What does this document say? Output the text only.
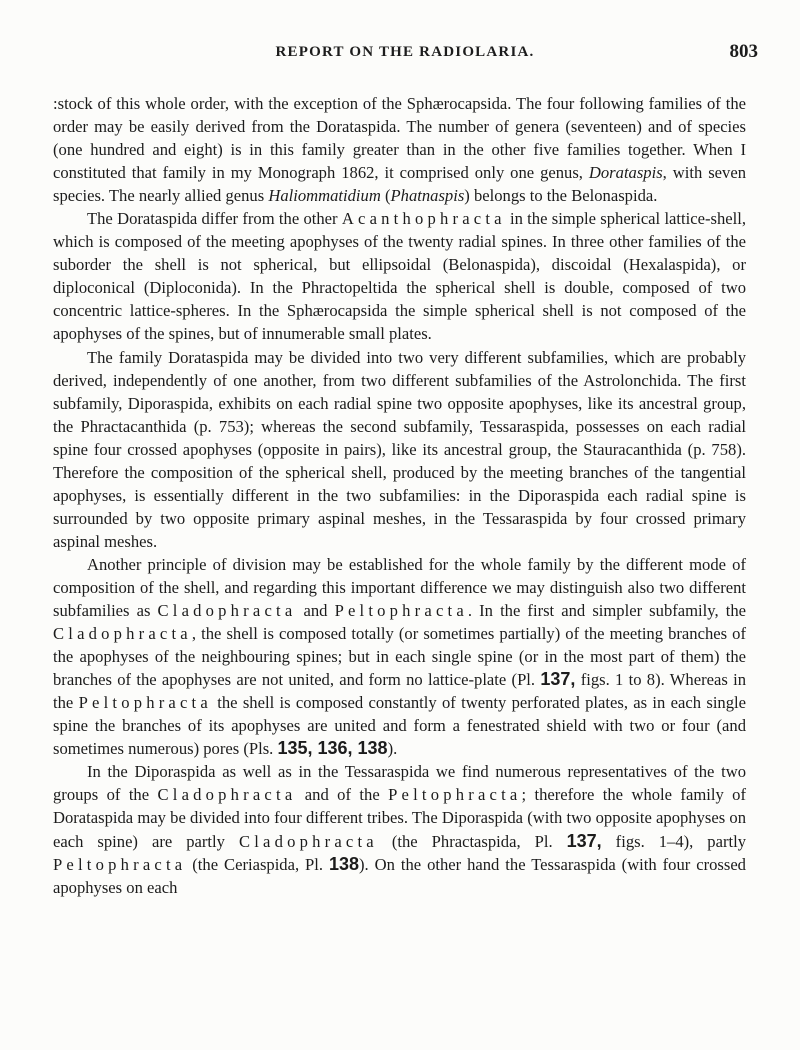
REPORT ON THE RADIOLARIA.	803

:stock of this whole order, with the exception of the Sphærocapsida. The four following families of the order may be easily derived from the Dorataspida. The number of genera (seventeen) and of species (one hundred and eight) is in this family greater than in the other five families together. When I constituted that family in my Monograph 1862, it comprised only one genus, Dorataspis, with seven species. The nearly allied genus Haliommatidium (Phatnaspis) belongs to the Belonaspida.

The Dorataspida differ from the other Acanthophracta in the simple spherical lattice-shell, which is composed of the meeting apophyses of the twenty radial spines. In three other families of the suborder the shell is not spherical, but ellipsoidal (Belonaspida), discoidal (Hexalaspida), or diploconical (Diploconida). In the Phractopeltida the spherical shell is double, composed of two concentric lattice-spheres. In the Sphærocapsida the simple spherical shell is not composed of the apophyses of the spines, but of innumerable small plates.

The family Dorataspida may be divided into two very different subfamilies, which are probably derived, independently of one another, from two different subfamilies of the Astrolonchida. The first subfamily, Diporaspida, exhibits on each radial spine two opposite apophyses, like its ancestral group, the Phractacanthida (p. 753); whereas the second subfamily, Tessaraspida, possesses on each radial spine four crossed apophyses (opposite in pairs), like its ancestral group, the Stauracanthida (p. 758). Therefore the composition of the spherical shell, produced by the meeting branches of the tangential apophyses, is essentially different in the two subfamilies: in the Diporaspida each radial spine is surrounded by two opposite primary aspinal meshes, in the Tessaraspida by four crossed primary aspinal meshes.

Another principle of division may be established for the whole family by the different mode of composition of the shell, and regarding this important difference we may distinguish also two different subfamilies as Cladophracta and Peltophracta. In the first and simpler subfamily, the Cladophracta, the shell is composed totally (or sometimes partially) of the meeting branches of the apophyses of the neighbouring spines; but in each single spine (or in the most part of them) the branches of the apophyses are not united, and form no lattice-plate (Pl. 137, figs. 1 to 8). Whereas in the Peltophracta the shell is composed constantly of twenty perforated plates, as in each single spine the branches of its apophyses are united and form a fenestrated shield with two or four (and sometimes numerous) pores (Pls. 135, 136, 138).

In the Diporaspida as well as in the Tessaraspida we find numerous representatives of the two groups of the Cladophracta and of the Peltophracta; therefore the whole family of Dorataspida may be divided into four different tribes. The Diporaspida (with two opposite apophyses on each spine) are partly Cladophracta (the Phractaspida, Pl. 137, figs. 1–4), partly Peltophracta (the Ceriaspida, Pl. 138). On the other hand the Tessaraspida (with four crossed apophyses on each
